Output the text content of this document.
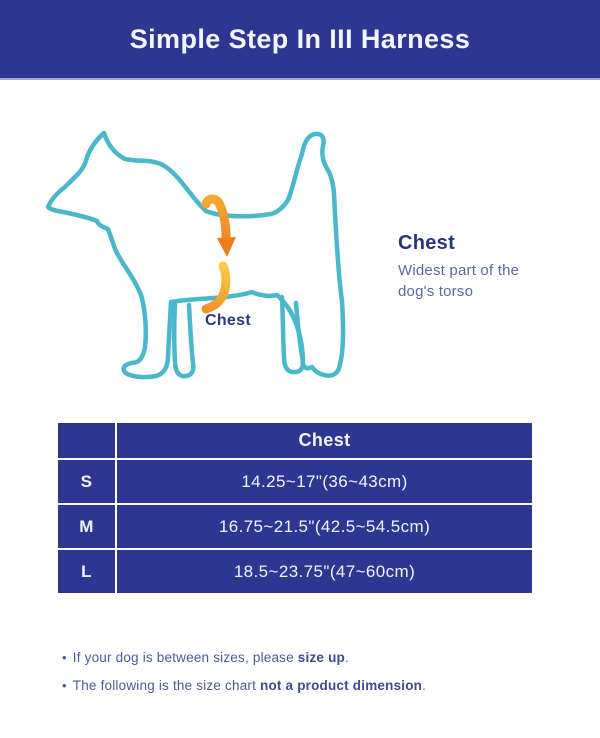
Simple Step In III Harness
Chest
Chest
Widest part of the
dog's torso
Chest
S	14.25~17"(36~43cm)
M	16.75~21.5"(42.5~54.5cm)
L	18.5~23.75"(47~60cm)
• If your dog is between sizes, please size up.
• The following is the size chart not a product dimension.
